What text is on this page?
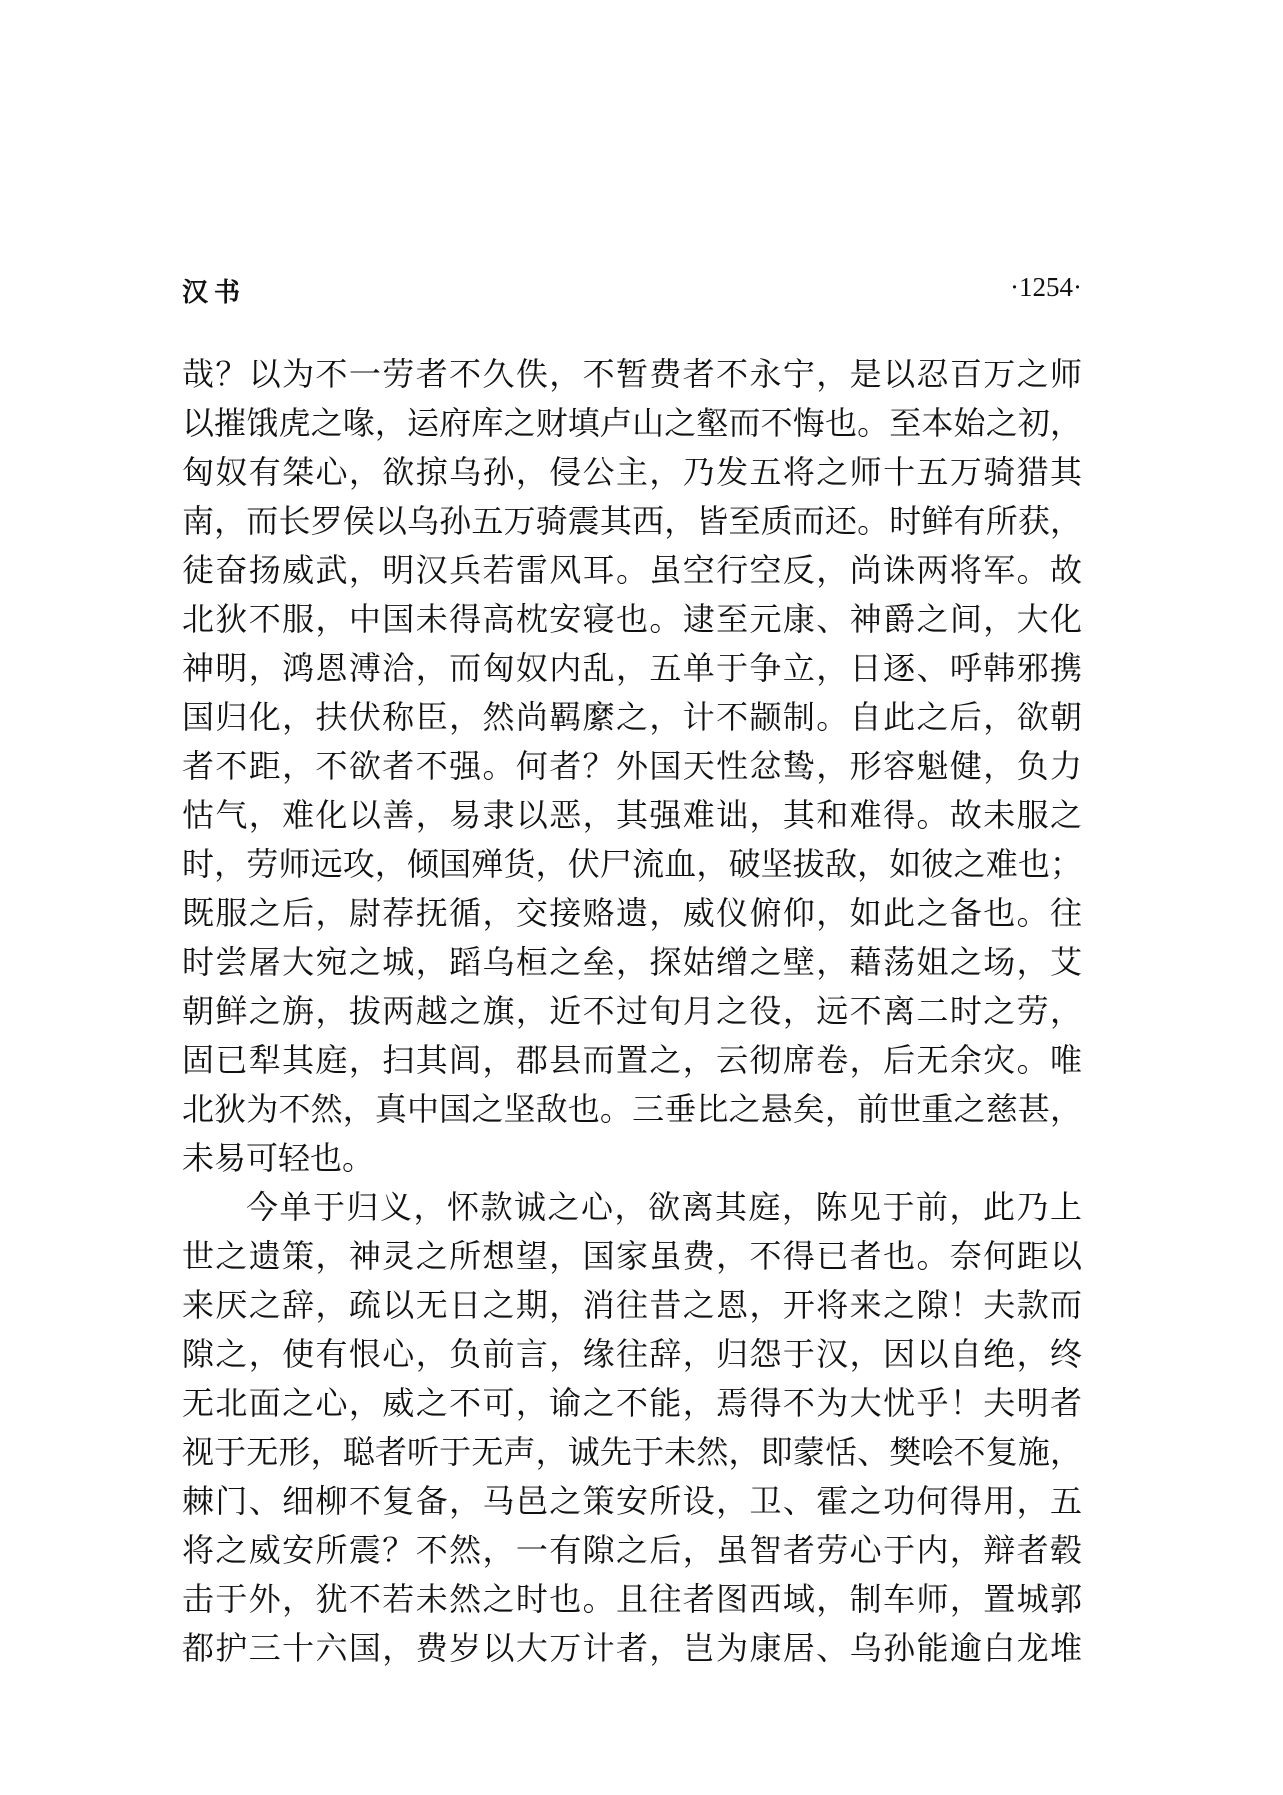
汉书	·1254·
哉？以为不一劳者不久佚，不暂费者不永宁，是以忍百万之师
以摧饿虎之喙，运府库之财填卢山之壑而不悔也。至本始之初，
匈奴有桀心，欲掠乌孙，侵公主，乃发五将之师十五万骑猎其
南，而长罗侯以乌孙五万骑震其西，皆至质而还。时鲜有所获，
徒奋扬威武，明汉兵若雷风耳。虽空行空反，尚诛两将军。故
北狄不服，中国未得高枕安寝也。逮至元康、神爵之间，大化
神明，鸿恩溥洽，而匈奴内乱，五单于争立，日逐、呼韩邪携
国归化，扶伏称臣，然尚羁縻之，计不颛制。自此之后，欲朝
者不距，不欲者不强。何者？外国天性忿鸷，形容魁健，负力
怙气，难化以善，易隶以恶，其强难诎，其和难得。故未服之
时，劳师远攻，倾国殚货，伏尸流血，破坚拔敌，如彼之难也；
既服之后，尉荐抚循，交接赂遗，威仪俯仰，如此之备也。往
时尝屠大宛之城，蹈乌桓之垒，探姑缯之壁，藉荡姐之场，艾
朝鲜之旃，拔两越之旗，近不过旬月之役，远不离二时之劳，
固已犁其庭，扫其闾，郡县而置之，云彻席卷，后无余灾。唯
北狄为不然，真中国之坚敌也。三垂比之悬矣，前世重之慈甚，
未易可轻也。
今单于归义，怀款诚之心，欲离其庭，陈见于前，此乃上
世之遗策，神灵之所想望，国家虽费，不得已者也。奈何距以
来厌之辞，疏以无日之期，消往昔之恩，开将来之隙！夫款而
隙之，使有恨心，负前言，缘往辞，归怨于汉，因以自绝，终
无北面之心，威之不可，谕之不能，焉得不为大忧乎！夫明者
视于无形，聪者听于无声，诚先于未然，即蒙恬、樊哙不复施，
棘门、细柳不复备，马邑之策安所设，卫、霍之功何得用，五
将之威安所震？不然，一有隙之后，虽智者劳心于内，辩者毂
击于外，犹不若未然之时也。且往者图西域，制车师，置城郭
都护三十六国，费岁以大万计者，岂为康居、乌孙能逾白龙堆
